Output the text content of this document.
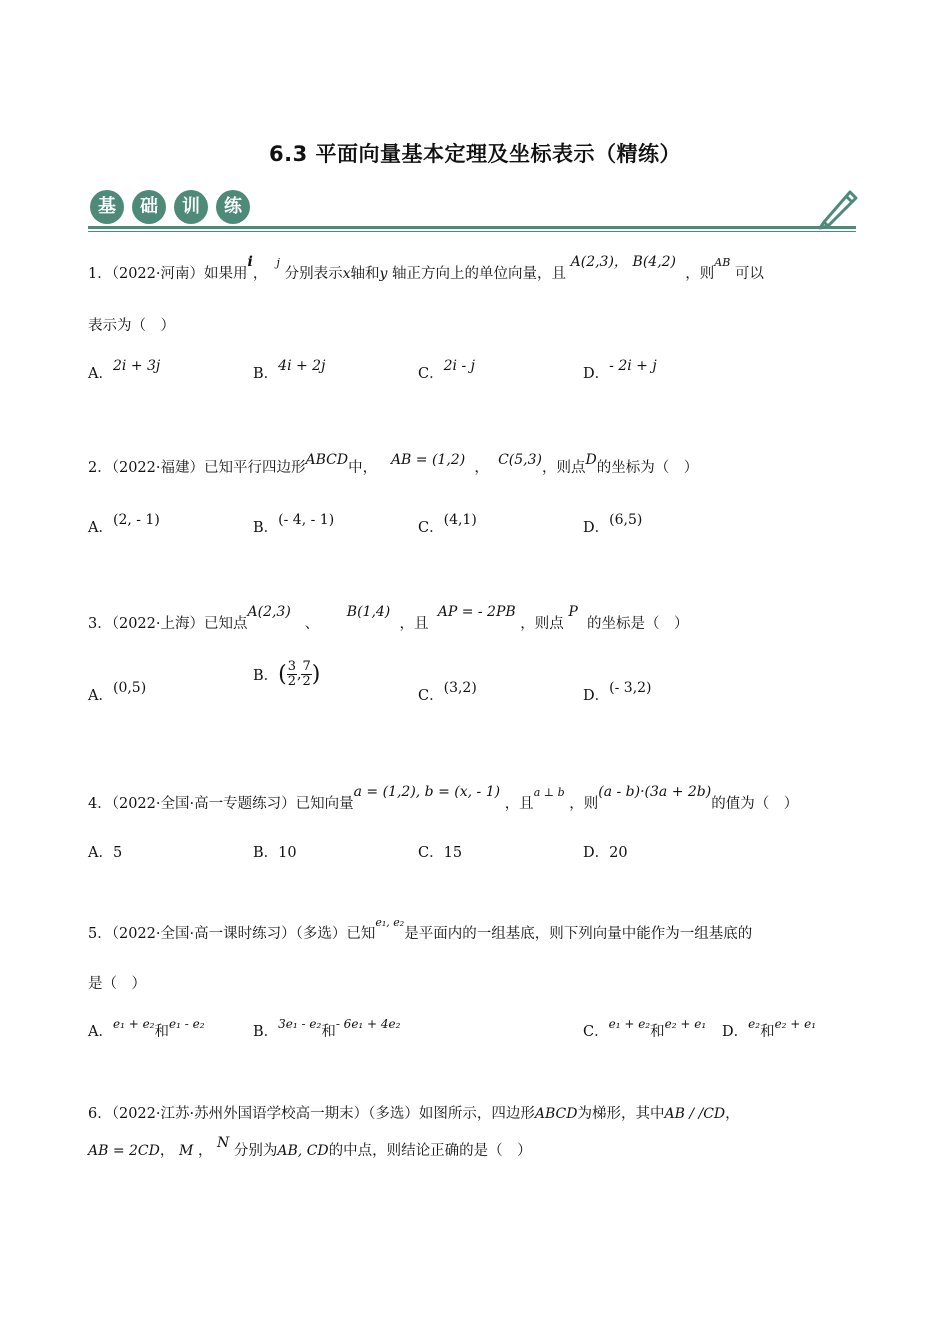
6.3 平面向量基本定理及坐标表示（精练）
基	础	训	练
1．（2022·河南）如果用i，  $^j$ 分别表示x轴和y 轴正方向上的单位向量，且 A(2,3)， B(4,2)  ，则$^{AB}$ 可以
表示为（　）
A．2i + 3j	B．4i + 2j	C．2i - j	D．- 2i + j
2．（2022·福建）已知平行四边形ABCD中， AB = (1,2) ， C(5,3)，则点D的坐标为（　）
A．(2, - 1)	B．(- 4, - 1)	C．(4,1)	D．(6,5)
3．（2022·上海）已知点A(2,3)   、      B(1,4)  ，且  AP = - 2PB ，则点 P  的坐标是（　）
A．(0,5)
B．( $\frac{3}{2}$ , $\frac{7}{2}$ )
C．(3,2)	D．(- 3,2)
4．（2022·全国·高一专题练习）已知向量a = (1,2), b = (x, - 1) ，且$^{a \perp b}$ ，则(a - b)·(3a + 2b)的值为（　）
A．5	B．10	C．15	D．20
5．（2022·全国·高一课时练习）（多选）已知$^{e_1, e_2}$是平面内的一组基底，则下列向量中能作为一组基底的
是（　）
A．$^{e_1 + e_2}$和$^{e_1 - e_2}$	B．$^{3e_1 - e_2}$和$^{- 6e_1 + 4e_2}$	C．$^{e_1 + e_2}$和$^{e_2 + e_1}$ D．$^{e_2}$和$^{e_2 + e_1}$
6．（2022·江苏·苏州外国语学校高一期末）（多选）如图所示，四边形ABCD为梯形，其中AB / /CD，
AB = 2CD， M ， N 分别为AB, CD的中点，则结论正确的是（　）
